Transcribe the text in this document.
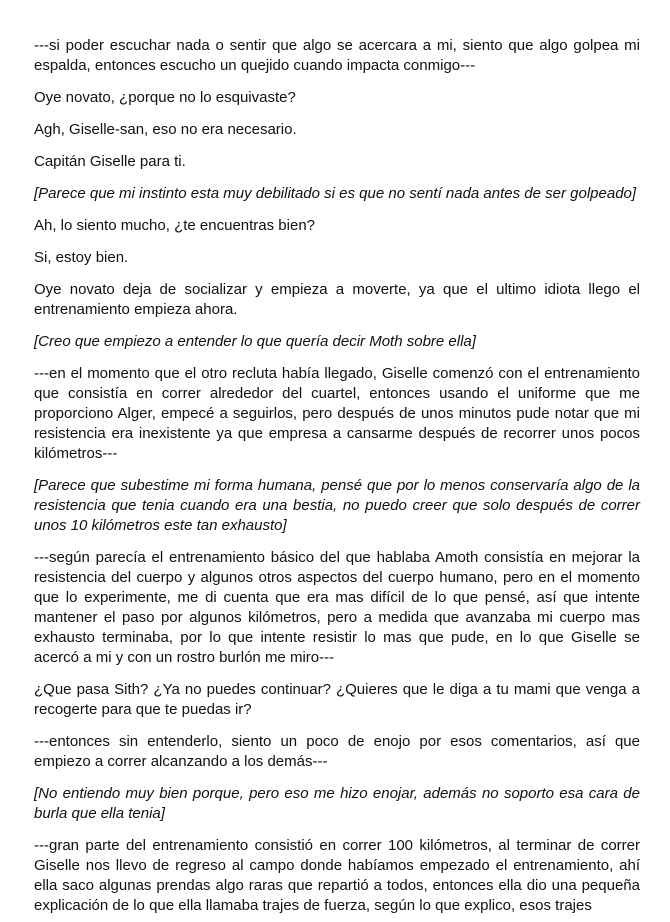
---si poder escuchar nada o sentir que algo se acercara a mi, siento que algo golpea mi espalda, entonces escucho un quejido cuando impacta conmigo---

Oye novato, ¿porque no lo esquivaste?

Agh, Giselle-san, eso no era necesario.

Capitán Giselle para ti.

[Parece que mi instinto esta muy debilitado si es que no sentí nada antes de ser golpeado]

Ah, lo siento mucho, ¿te encuentras bien?

Si, estoy bien.

Oye novato deja de socializar y empieza a moverte, ya que el ultimo idiota llego el entrenamiento empieza ahora.

[Creo que empiezo a entender lo que quería decir Moth sobre ella]

---en el momento que el otro recluta había llegado, Giselle comenzó con el entrenamiento que consistía en correr alrededor del cuartel, entonces usando el uniforme que me proporciono Alger, empecé a seguirlos, pero después de unos minutos pude notar que mi resistencia era inexistente ya que empresa a cansarme después de recorrer unos pocos kilómetros---

[Parece que subestime mi forma humana, pensé que por lo menos conservaría algo de la resistencia que tenia cuando era una bestia, no puedo creer que solo después de correr unos 10 kilómetros este tan exhausto]

---según parecía el entrenamiento básico del que hablaba Amoth consistía en mejorar la resistencia del cuerpo y algunos otros aspectos del cuerpo humano, pero en el momento que lo experimente, me di cuenta que era mas difícil de lo que pensé, así que intente mantener el paso por algunos kilómetros, pero a medida que avanzaba mi cuerpo mas exhausto terminaba, por lo que intente resistir lo mas que pude, en lo que Giselle se acercó a mi y con un rostro burlón me miro---

¿Que pasa Sith? ¿Ya no puedes continuar? ¿Quieres que le diga a tu mami que venga a recogerte para que te puedas ir?

---entonces sin entenderlo, siento un poco de enojo por esos comentarios, así que empiezo a correr alcanzando a los demás---

[No entiendo muy bien porque, pero eso me hizo enojar, además no soporto esa cara de burla que ella tenia]

---gran parte del entrenamiento consistió en correr 100 kilómetros, al terminar de correr Giselle nos llevo de regreso al campo donde habíamos empezado el entrenamiento, ahí ella saco algunas prendas algo raras que repartió a todos, entonces ella dio una pequeña explicación de lo que ella llamaba trajes de fuerza, según lo que explico, esos trajes
